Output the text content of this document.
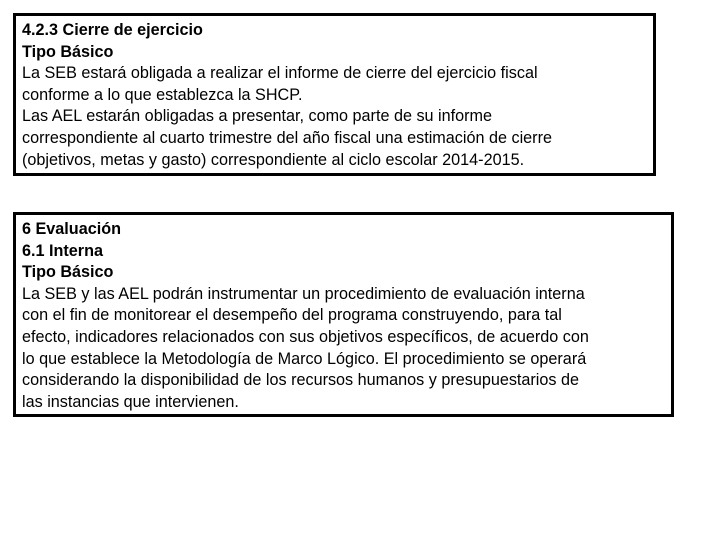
4.2.3 Cierre de ejercicio
Tipo Básico
La SEB estará obligada a realizar el informe de cierre del ejercicio fiscal
conforme a lo que establezca la SHCP.
Las AEL estarán obligadas a presentar, como parte de su informe
correspondiente al cuarto trimestre del año fiscal una estimación de cierre
(objetivos, metas y gasto) correspondiente al ciclo escolar 2014-2015.
6 Evaluación
6.1 Interna
Tipo Básico
La SEB y las AEL podrán instrumentar un procedimiento de evaluación interna
con el fin de monitorear el desempeño del programa construyendo, para tal
efecto, indicadores relacionados con sus objetivos específicos, de acuerdo con
lo que establece la Metodología de Marco Lógico. El procedimiento se operará
considerando la disponibilidad de los recursos humanos y presupuestarios de
las instancias que intervienen.
